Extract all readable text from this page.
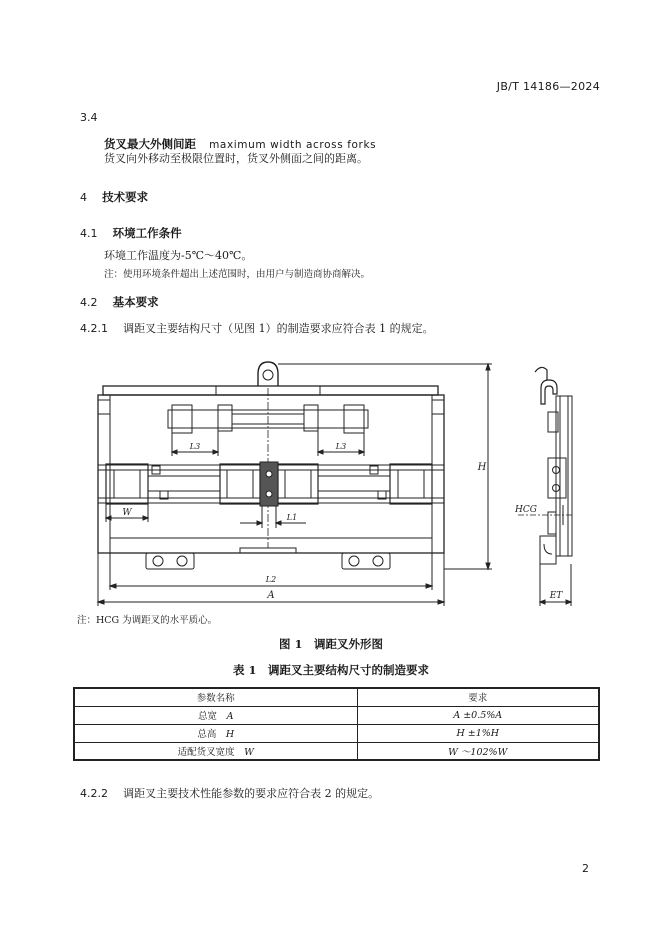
JB/T 14186—2024
3.4
货叉最大外侧间距 maximum width across forks
货叉向外移动至极限位置时，货叉外侧面之间的距离。
4 技术要求
4.1 环境工作条件
环境工作温度为-5℃～40℃。
注：使用环境条件超出上述范围时，由用户与制造商协商解决。
4.2 基本要求
4.2.1 调距叉主要结构尺寸（见图 1）的制造要求应符合表 1 的规定。
L3	L3
W	L1
L2
A
H
HCG
ET
注：HCG 为调距叉的水平质心。
图 1　调距叉外形图
表 1　调距叉主要结构尺寸的制造要求
参数名称	要求
总宽　 A	A ±0.5%A
总高　 H	H ±1%H
适配货叉宽度　 W	W ～102%W
4.2.2 调距叉主要技术性能参数的要求应符合表 2 的规定。
2
